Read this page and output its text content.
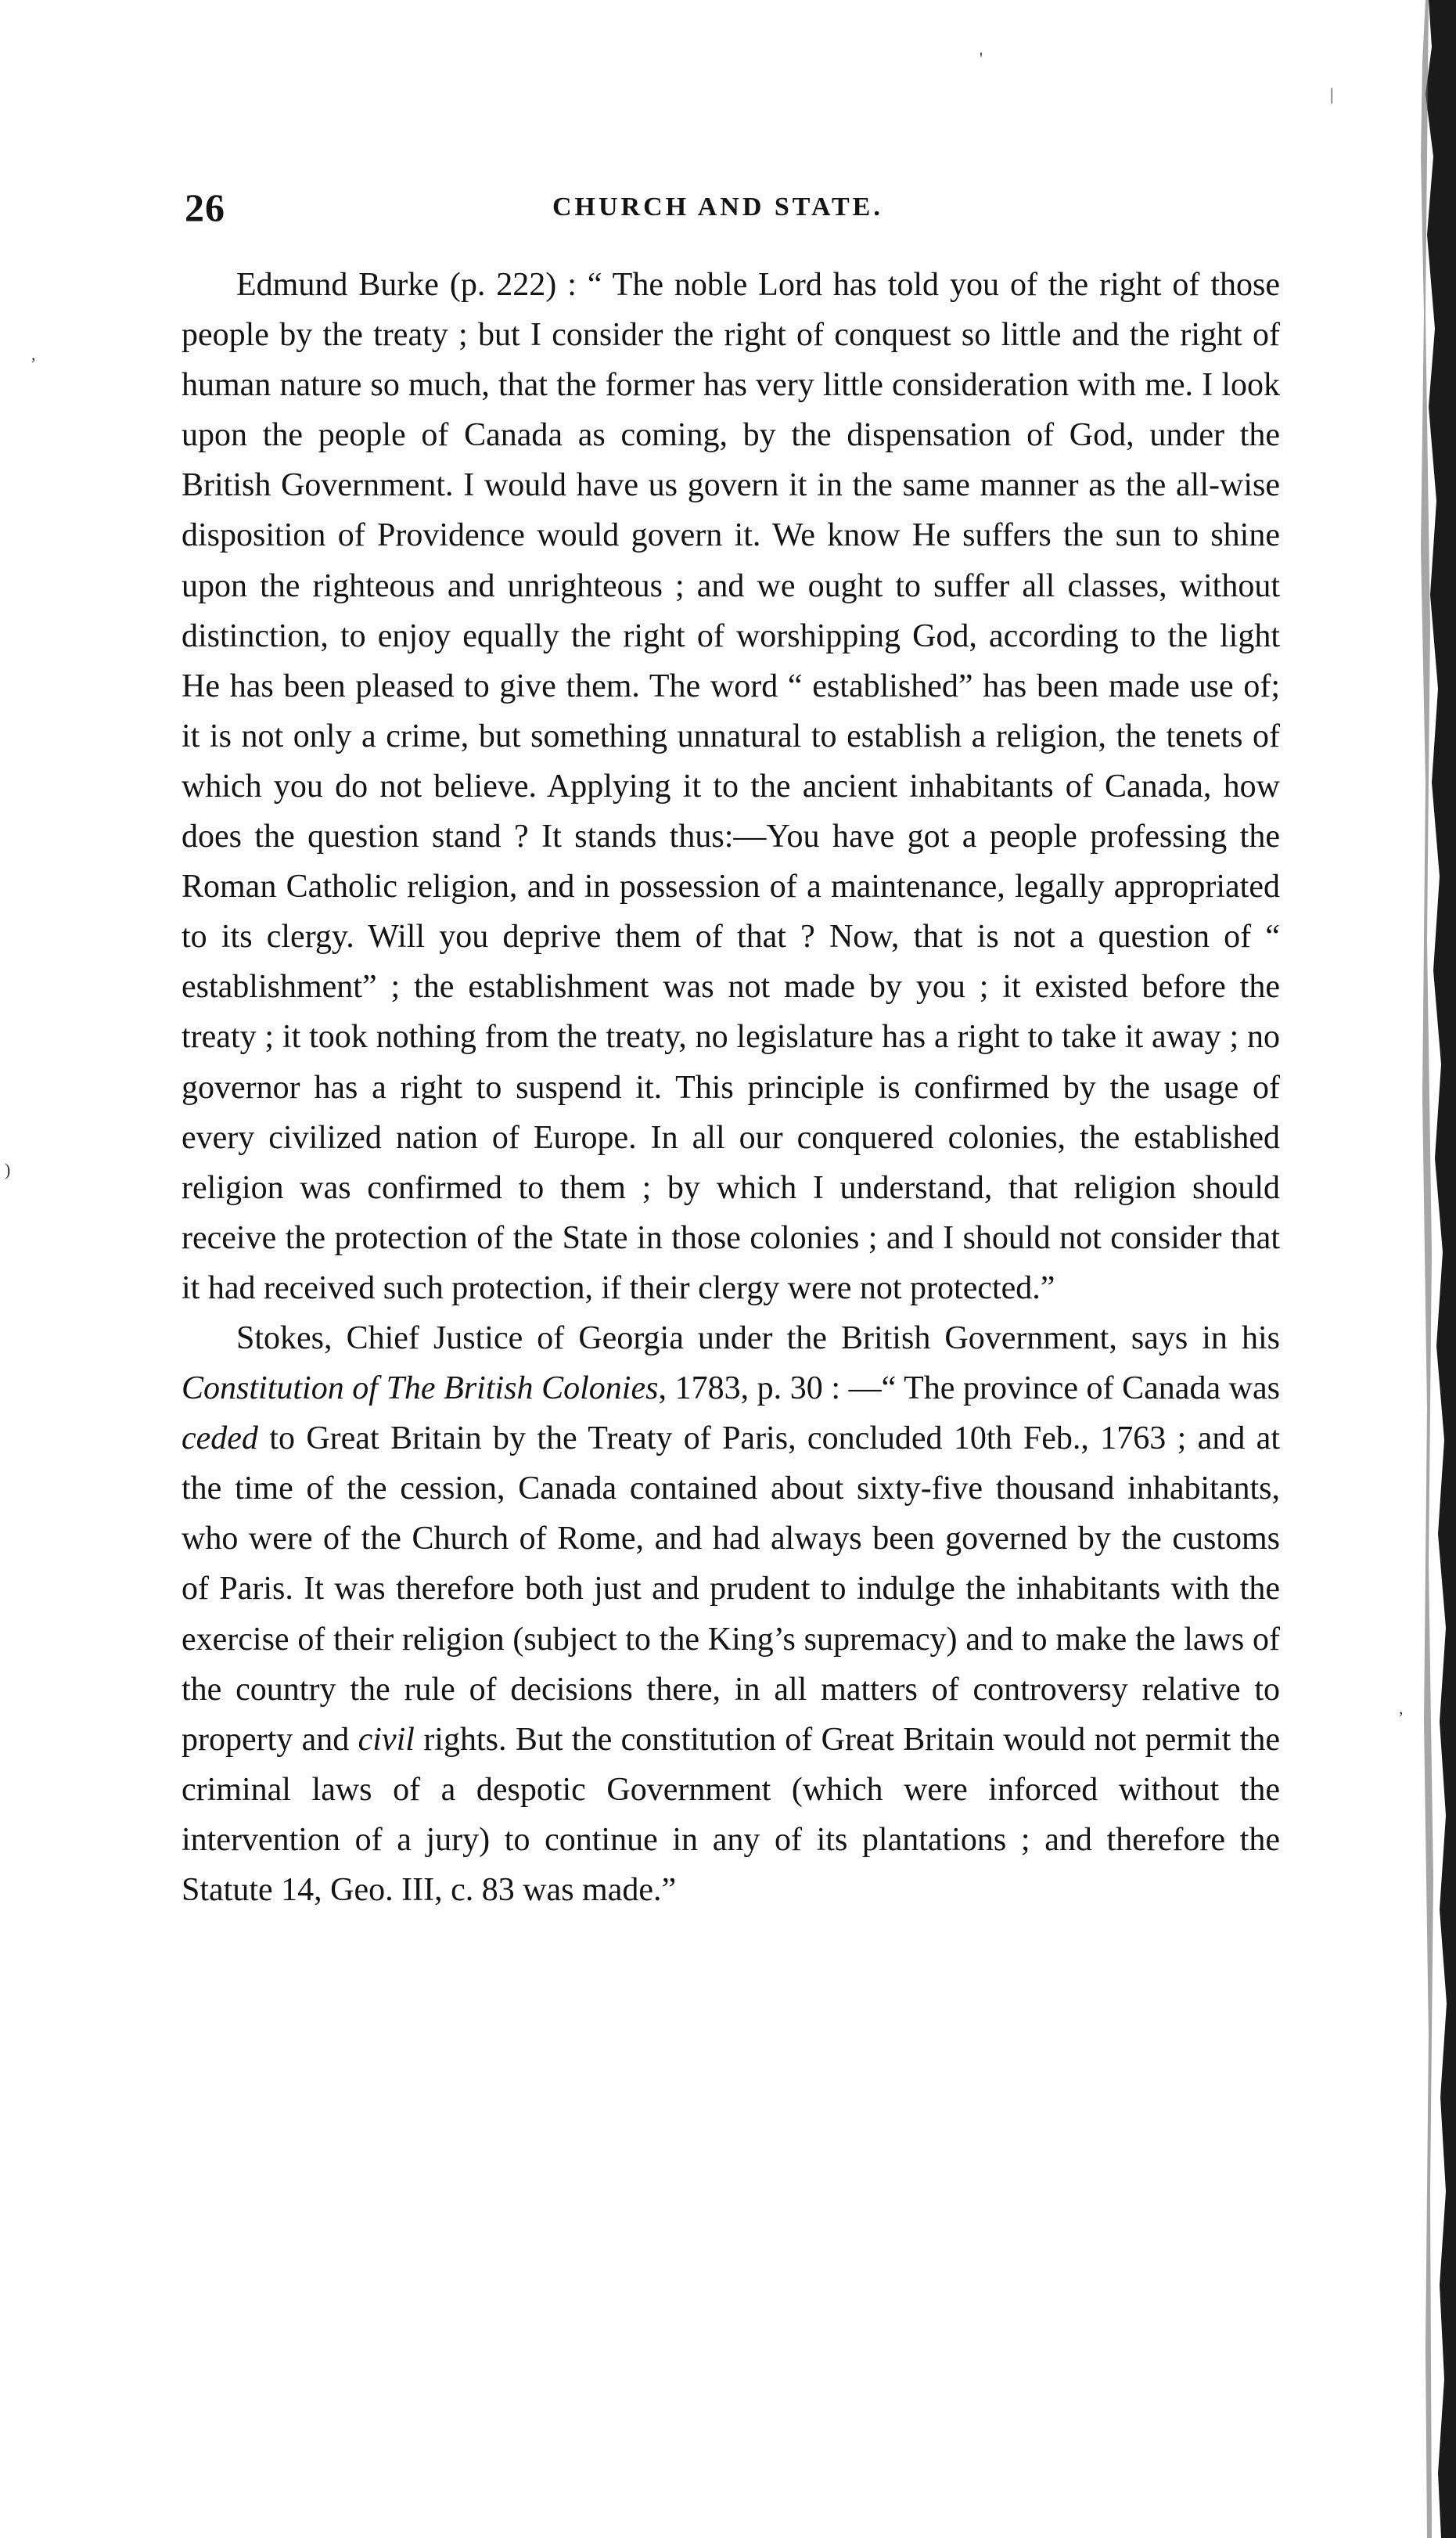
'
|
,
)
,
26	CHURCH AND STATE.

Edmund Burke (p. 222) : “ The noble Lord has told you of the right of those people by the treaty ; but I consider the right of conquest so little and the right of human nature so much, that the former has very little consideration with me. I look upon the people of Canada as coming, by the dispensation of God, under the British Government. I would have us govern it in the same manner as the all-wise disposition of Providence would govern it. We know He suffers the sun to shine upon the righteous and unrighteous ; and we ought to suffer all classes, without distinction, to enjoy equally the right of worshipping God, according to the light He has been pleased to give them. The word “ established” has been made use of; it is not only a crime, but something unnatural to establish a religion, the tenets of which you do not believe. Applying it to the ancient inhabitants of Canada, how does the question stand ? It stands thus:—You have got a people professing the Roman Catholic religion, and in possession of a maintenance, legally appropriated to its clergy. Will you deprive them of that ? Now, that is not a question of “ establishment” ; the establishment was not made by you ; it existed before the treaty ; it took nothing from the treaty, no legislature has a right to take it away ; no governor has a right to suspend it. This principle is confirmed by the usage of every civilized nation of Europe. In all our conquered colonies, the established religion was confirmed to them ; by which I understand, that religion should receive the protection of the State in those colonies ; and I should not consider that it had received such protection, if their clergy were not protected.”

Stokes, Chief Justice of Georgia under the British Government, says in his Constitution of The British Colonies, 1783, p. 30 : —“ The province of Canada was ceded to Great Britain by the Treaty of Paris, concluded 10th Feb., 1763 ; and at the time of the cession, Canada contained about sixty-five thousand inhabitants, who were of the Church of Rome, and had always been governed by the customs of Paris. It was therefore both just and prudent to indulge the inhabitants with the exercise of their religion (subject to the King’s supremacy) and to make the laws of the country the rule of decisions there, in all matters of controversy relative to property and civil rights. But the constitution of Great Britain would not permit the criminal laws of a despotic Government (which were inforced without the intervention of a jury) to continue in any of its plantations ; and therefore the Statute 14, Geo. III, c. 83 was made.”
